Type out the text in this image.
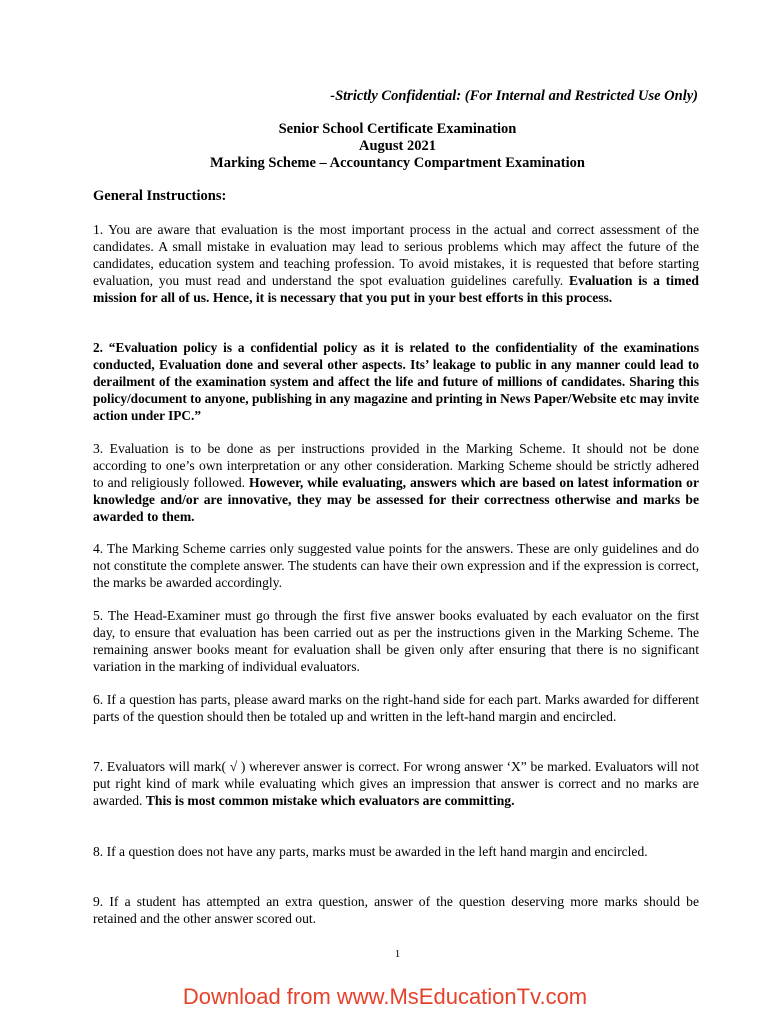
-Strictly Confidential: (For Internal and Restricted Use Only)
Senior School Certificate Examination
August 2021
Marking Scheme – Accountancy Compartment Examination
General Instructions:
1. You are aware that evaluation is the most important process in the actual and correct assessment of the candidates. A small mistake in evaluation may lead to serious problems which may affect the future of the candidates, education system and teaching profession. To avoid mistakes, it is requested that before starting evaluation, you must read and understand the spot evaluation guidelines carefully. Evaluation is a timed mission for all of us. Hence, it is necessary that you put in your best efforts in this process.
2. “Evaluation policy is a confidential policy as it is related to the confidentiality of the examinations conducted, Evaluation done and several other aspects. Its’ leakage to public in any manner could lead to derailment of the examination system and affect the life and future of millions of candidates. Sharing this policy/document to anyone, publishing in any magazine and printing in News Paper/Website etc may invite action under IPC.”
3. Evaluation is to be done as per instructions provided in the Marking Scheme. It should not be done according to one’s own interpretation or any other consideration. Marking Scheme should be strictly adhered to and religiously followed. However, while evaluating, answers which are based on latest information or knowledge and/or are innovative, they may be assessed for their correctness otherwise and marks be awarded to them.
4. The Marking Scheme carries only suggested value points for the answers. These are only guidelines and do not constitute the complete answer. The students can have their own expression and if the expression is correct, the marks be awarded accordingly.
5. The Head-Examiner must go through the first five answer books evaluated by each evaluator on the first day, to ensure that evaluation has been carried out as per the instructions given in the Marking Scheme. The remaining answer books meant for evaluation shall be given only after ensuring that there is no significant variation in the marking of individual evaluators.
6. If a question has parts, please award marks on the right-hand side for each part. Marks awarded for different parts of the question should then be totaled up and written in the left-hand margin and encircled.
7. Evaluators will mark( √ ) wherever answer is correct. For wrong answer ‘X” be marked. Evaluators will not put right kind of mark while evaluating which gives an impression that answer is correct and no marks are awarded. This is most common mistake which evaluators are committing.
8. If a question does not have any parts, marks must be awarded in the left hand margin and encircled.
9. If a student has attempted an extra question, answer of the question deserving more marks should be retained and the other answer scored out.
1
Download from www.MsEducationTv.com
